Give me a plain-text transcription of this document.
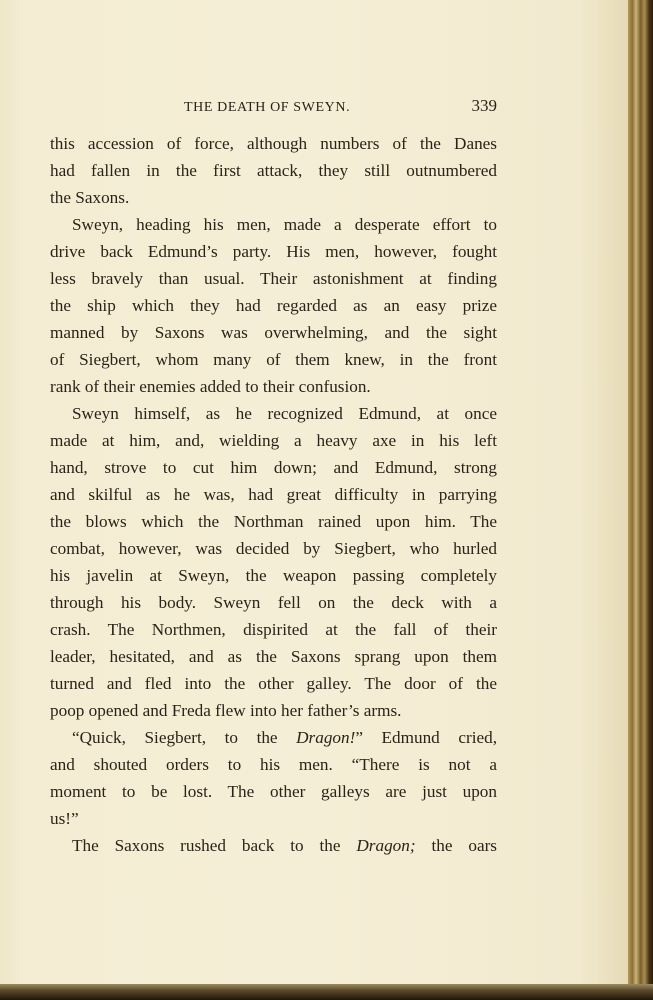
THE DEATH OF SWEYN.	339
this accession of force, although numbers of the Danes
had fallen in the first attack, they still outnumbered
the Saxons.
Sweyn, heading his men, made a desperate effort to
drive back Edmund’s party. His men, however, fought
less bravely than usual. Their astonishment at finding
the ship which they had regarded as an easy prize
manned by Saxons was overwhelming, and the sight
of Siegbert, whom many of them knew, in the front
rank of their enemies added to their confusion.
Sweyn himself, as he recognized Edmund, at once
made at him, and, wielding a heavy axe in his left
hand, strove to cut him down; and Edmund, strong
and skilful as he was, had great difficulty in parrying
the blows which the Northman rained upon him. The
combat, however, was decided by Siegbert, who hurled
his javelin at Sweyn, the weapon passing completely
through his body. Sweyn fell on the deck with a
crash. The Northmen, dispirited at the fall of their
leader, hesitated, and as the Saxons sprang upon them
turned and fled into the other galley. The door of the
poop opened and Freda flew into her father’s arms.
“Quick, Siegbert, to the Dragon!” Edmund cried,
and shouted orders to his men. “There is not a
moment to be lost. The other galleys are just upon
us!”
The Saxons rushed back to the Dragon; the oars
